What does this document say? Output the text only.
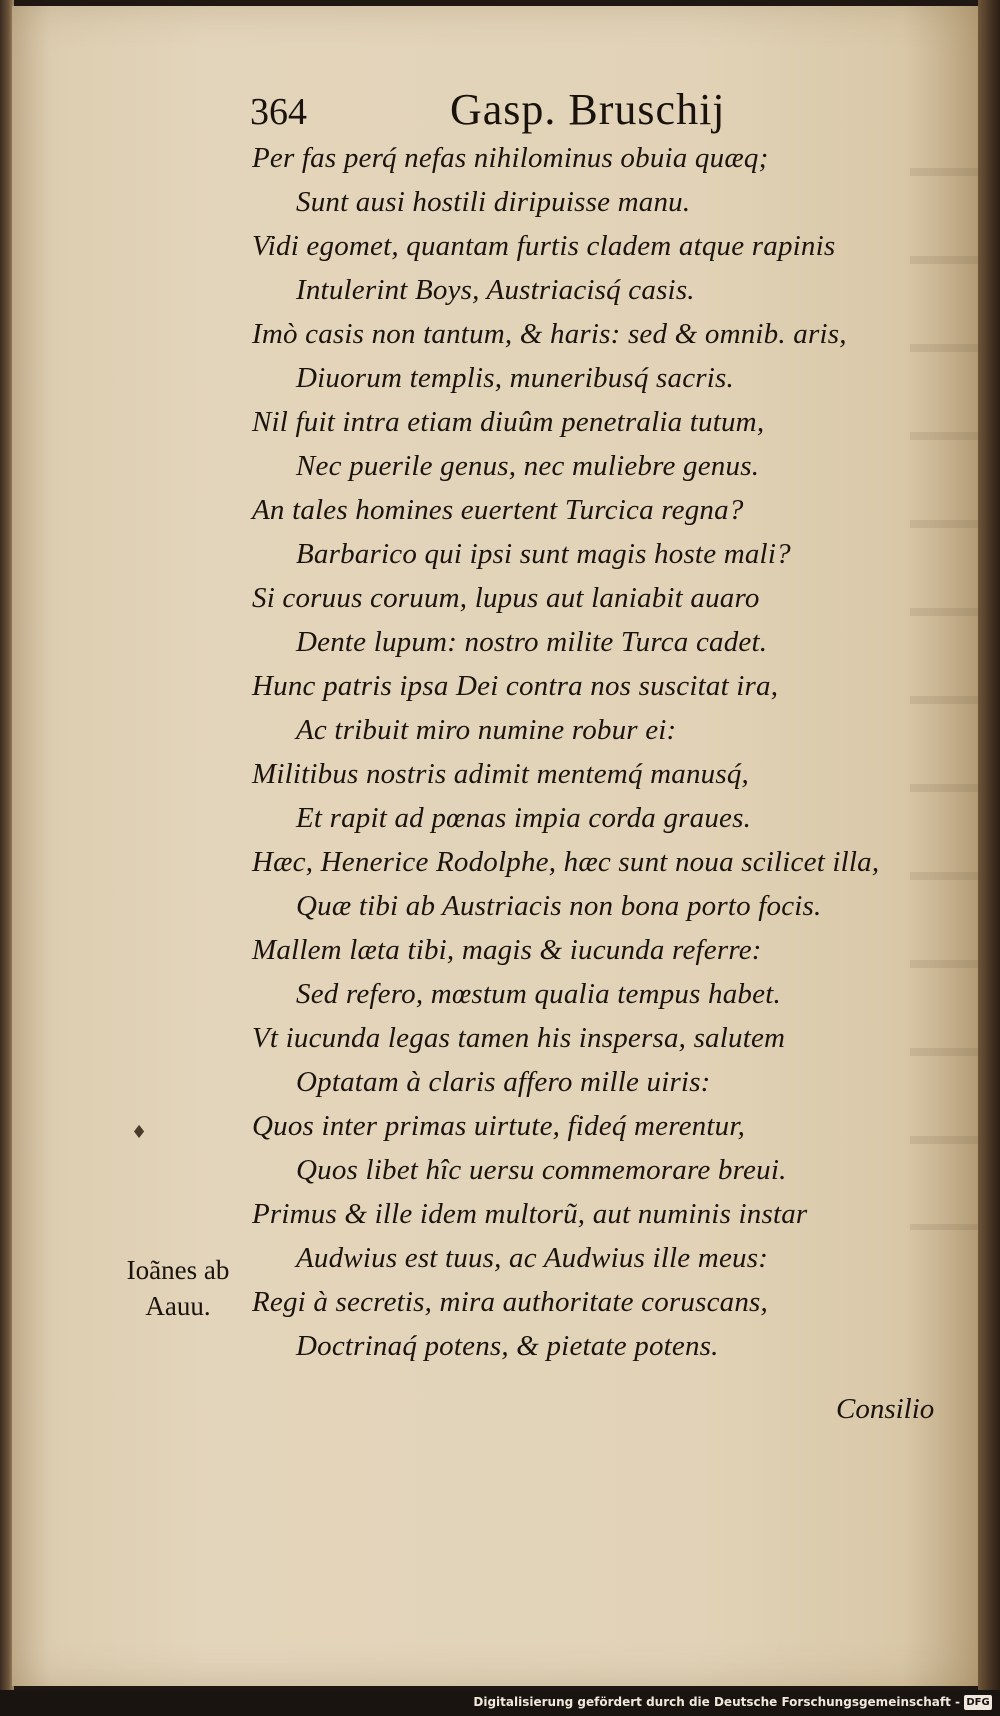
364	Gasp. Bruschij
Per fas perq́ nefas nihilominus obuia quæq;
Sunt ausi hostili diripuisse manu.
Vidi egomet, quantam furtis cladem atque rapinis
Intulerint Boys, Austriacisq́ casis.
Imò casis non tantum, & haris: sed & omnib. aris,
Diuorum templis, muneribusq́ sacris.
Nil fuit intra etiam diuûm penetralia tutum,
Nec puerile genus, nec muliebre genus.
An tales homines euertent Turcica regna?
Barbarico qui ipsi sunt magis hoste mali?
Si coruus coruum, lupus aut laniabit auaro
Dente lupum: nostro milite Turca cadet.
Hunc patris ipsa Dei contra nos suscitat ira,
Ac tribuit miro numine robur ei:
Militibus nostris adimit mentemq́ manusq́,
Et rapit ad pœnas impia corda graues.
Hæc, Henerice Rodolphe, hæc sunt noua scilicet illa,
Quæ tibi ab Austriacis non bona porto focis.
Mallem læta tibi, magis & iucunda referre:
Sed refero, mœstum qualia tempus habet.
Vt iucunda legas tamen his inspersa, salutem
Optatam à claris affero mille uiris:
Quos inter primas uirtute, fideq́ merentur,
Quos libet hîc uersu commemorare breui.
Primus & ille idem multorũ, aut numinis instar
Audwius est tuus, ac Audwius ille meus:
Regi à secretis, mira authoritate coruscans,
Doctrinaq́ potens, & pietate potens.
♦
Ioãnes ab
Aauu.
Consilio
Digitalisierung gefördert durch die Deutsche Forschungsgemeinschaft - DFG
